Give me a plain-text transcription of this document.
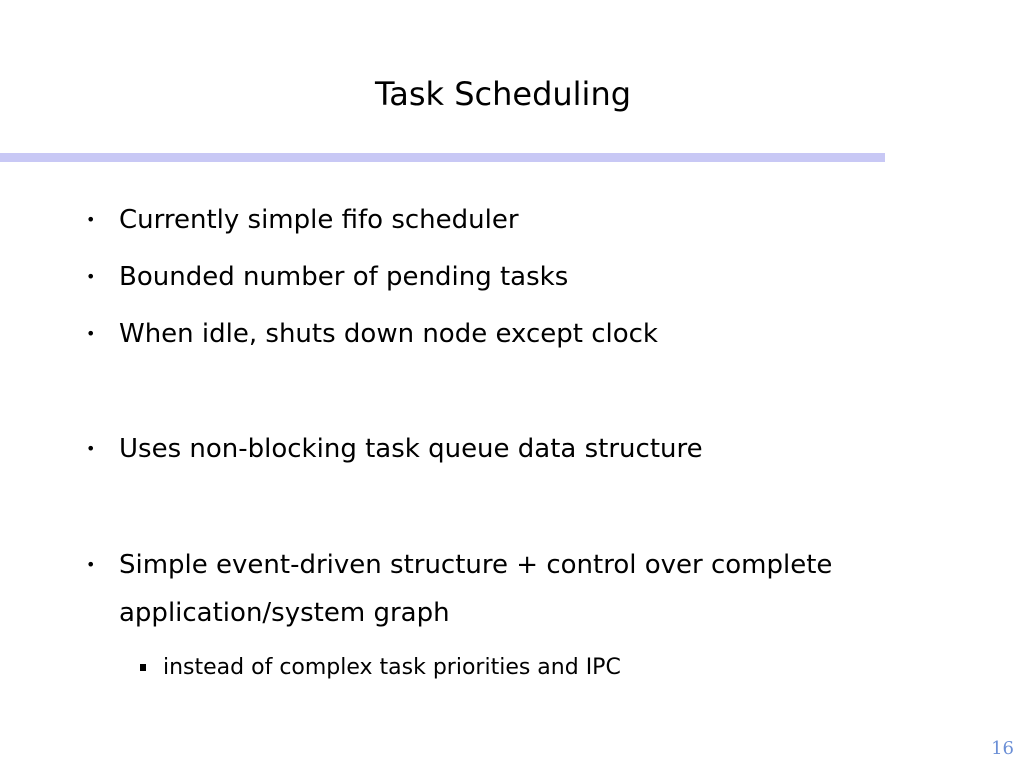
Task Scheduling
• Currently simple fifo scheduler
• Bounded number of pending tasks
• When idle, shuts down node except clock
• Uses non-blocking task queue data structure
• Simple event-driven structure + control over complete application/system graph
instead of complex task priorities and IPC
16
